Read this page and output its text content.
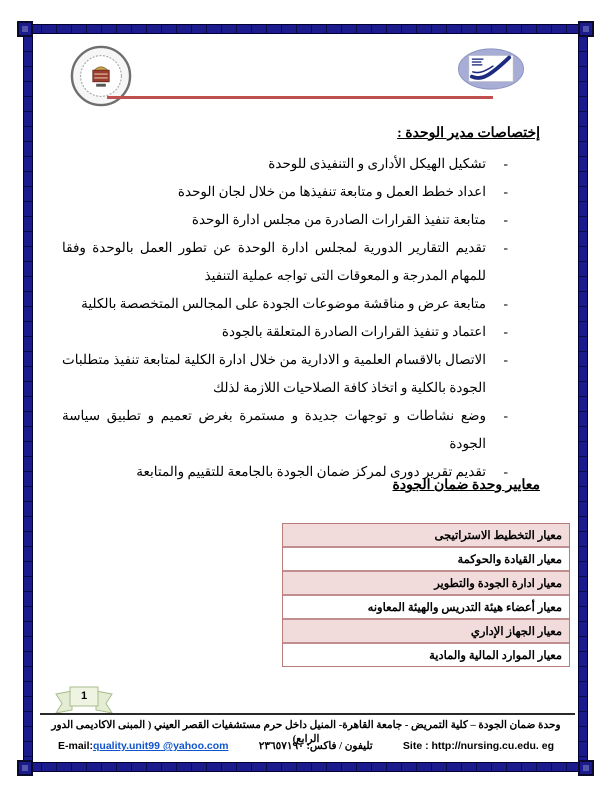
إختصاصات مدير الوحدة :
-
تشكيل الهيكل الأدارى و التنفيذى للوحدة
-
اعداد خطط العمل و متابعة تنفيذها من خلال لجان الوحدة
-
متابعة تنفيذ القرارات الصادرة من مجلس ادارة الوحدة
-
تقديم التقارير الدورية لمجلس ادارة الوحدة عن تطور العمل بالوحدة وفقا للمهام المدرجة و المعوقات التى تواجه عملية التنفيذ
-
متابعة عرض و مناقشة موضوعات الجودة على المجالس المتخصصة بالكلية
-
اعتماد و تنفيذ القرارات الصادرة المتعلقة بالجودة
-
الاتصال بالاقسام العلمية و الادارية من خلال ادارة الكلية لمتابعة تنفيذ متطلبات الجودة بالكلية و اتخاذ كافة الصلاحيات اللازمة لذلك
-
وضع نشاطات و توجهات جديدة و مستمرة بغرض تعميم و تطبيق سياسة الجودة
-
تقديم تقرير دورى لمركز ضمان الجودة بالجامعة للتقييم والمتابعة
معايير وحدة ضمان الجودة
معيار التخطيط الاستراتيجى
معيار القيادة والحوكمة
معيار ادارة الجودة والتطوير
معيار أعضاء هيئة التدريس والهيئة المعاونه
معيار الجهاز الإداري
معيار الموارد المالية والمادية
1
وحدة ضمان الجودة – كلية التمريض - جامعة القاهرة- المنيل داخل حرم مستشفيات القصر العيني ( المبنى الاكاديمى الدور الرابع)
E-mail:quality.unit99 @yahoo.com	تليفون / فاكس: ٢٣٦٥٧١٩٠	Site : http://nursing.cu.edu. eg
